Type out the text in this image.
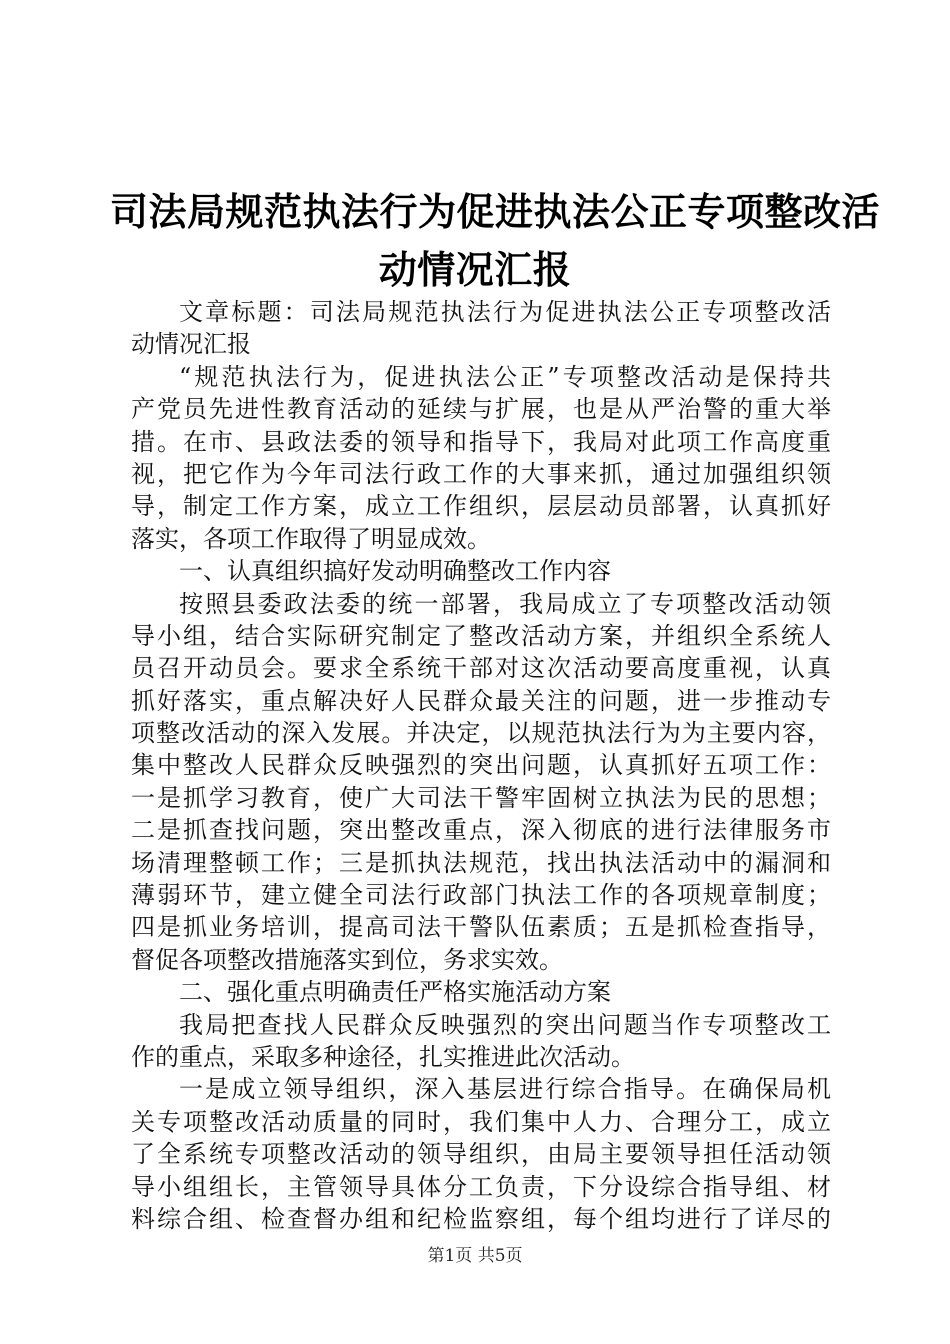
司法局规范执法行为促进执法公正专项整改活
动情况汇报
文章标题：司法局规范执法行为促进执法公正专项整改活
动情况汇报
“规范执法行为，促进执法公正”专项整改活动是保持共
产党员先进性教育活动的延续与扩展，也是从严治警的重大举
措。在市、县政法委的领导和指导下，我局对此项工作高度重
视，把它作为今年司法行政工作的大事来抓，通过加强组织领
导，制定工作方案，成立工作组织，层层动员部署，认真抓好
落实，各项工作取得了明显成效。
一、认真组织搞好发动明确整改工作内容
按照县委政法委的统一部署，我局成立了专项整改活动领
导小组，结合实际研究制定了整改活动方案，并组织全系统人
员召开动员会。要求全系统干部对这次活动要高度重视，认真
抓好落实，重点解决好人民群众最关注的问题，进一步推动专
项整改活动的深入发展。并决定，以规范执法行为为主要内容，
集中整改人民群众反映强烈的突出问题，认真抓好五项工作：
一是抓学习教育，使广大司法干警牢固树立执法为民的思想；
二是抓查找问题，突出整改重点，深入彻底的进行法律服务市
场清理整顿工作；三是抓执法规范，找出执法活动中的漏洞和
薄弱环节，建立健全司法行政部门执法工作的各项规章制度；
四是抓业务培训，提高司法干警队伍素质；五是抓检查指导，
督促各项整改措施落实到位，务求实效。
二、强化重点明确责任严格实施活动方案
我局把查找人民群众反映强烈的突出问题当作专项整改工
作的重点，采取多种途径，扎实推进此次活动。
一是成立领导组织，深入基层进行综合指导。在确保局机
关专项整改活动质量的同时，我们集中人力、合理分工，成立
了全系统专项整改活动的领导组织，由局主要领导担任活动领
导小组组长，主管领导具体分工负责，下分设综合指导组、材
料综合组、检查督办组和纪检监察组，每个组均进行了详尽的
第1页 共5页
